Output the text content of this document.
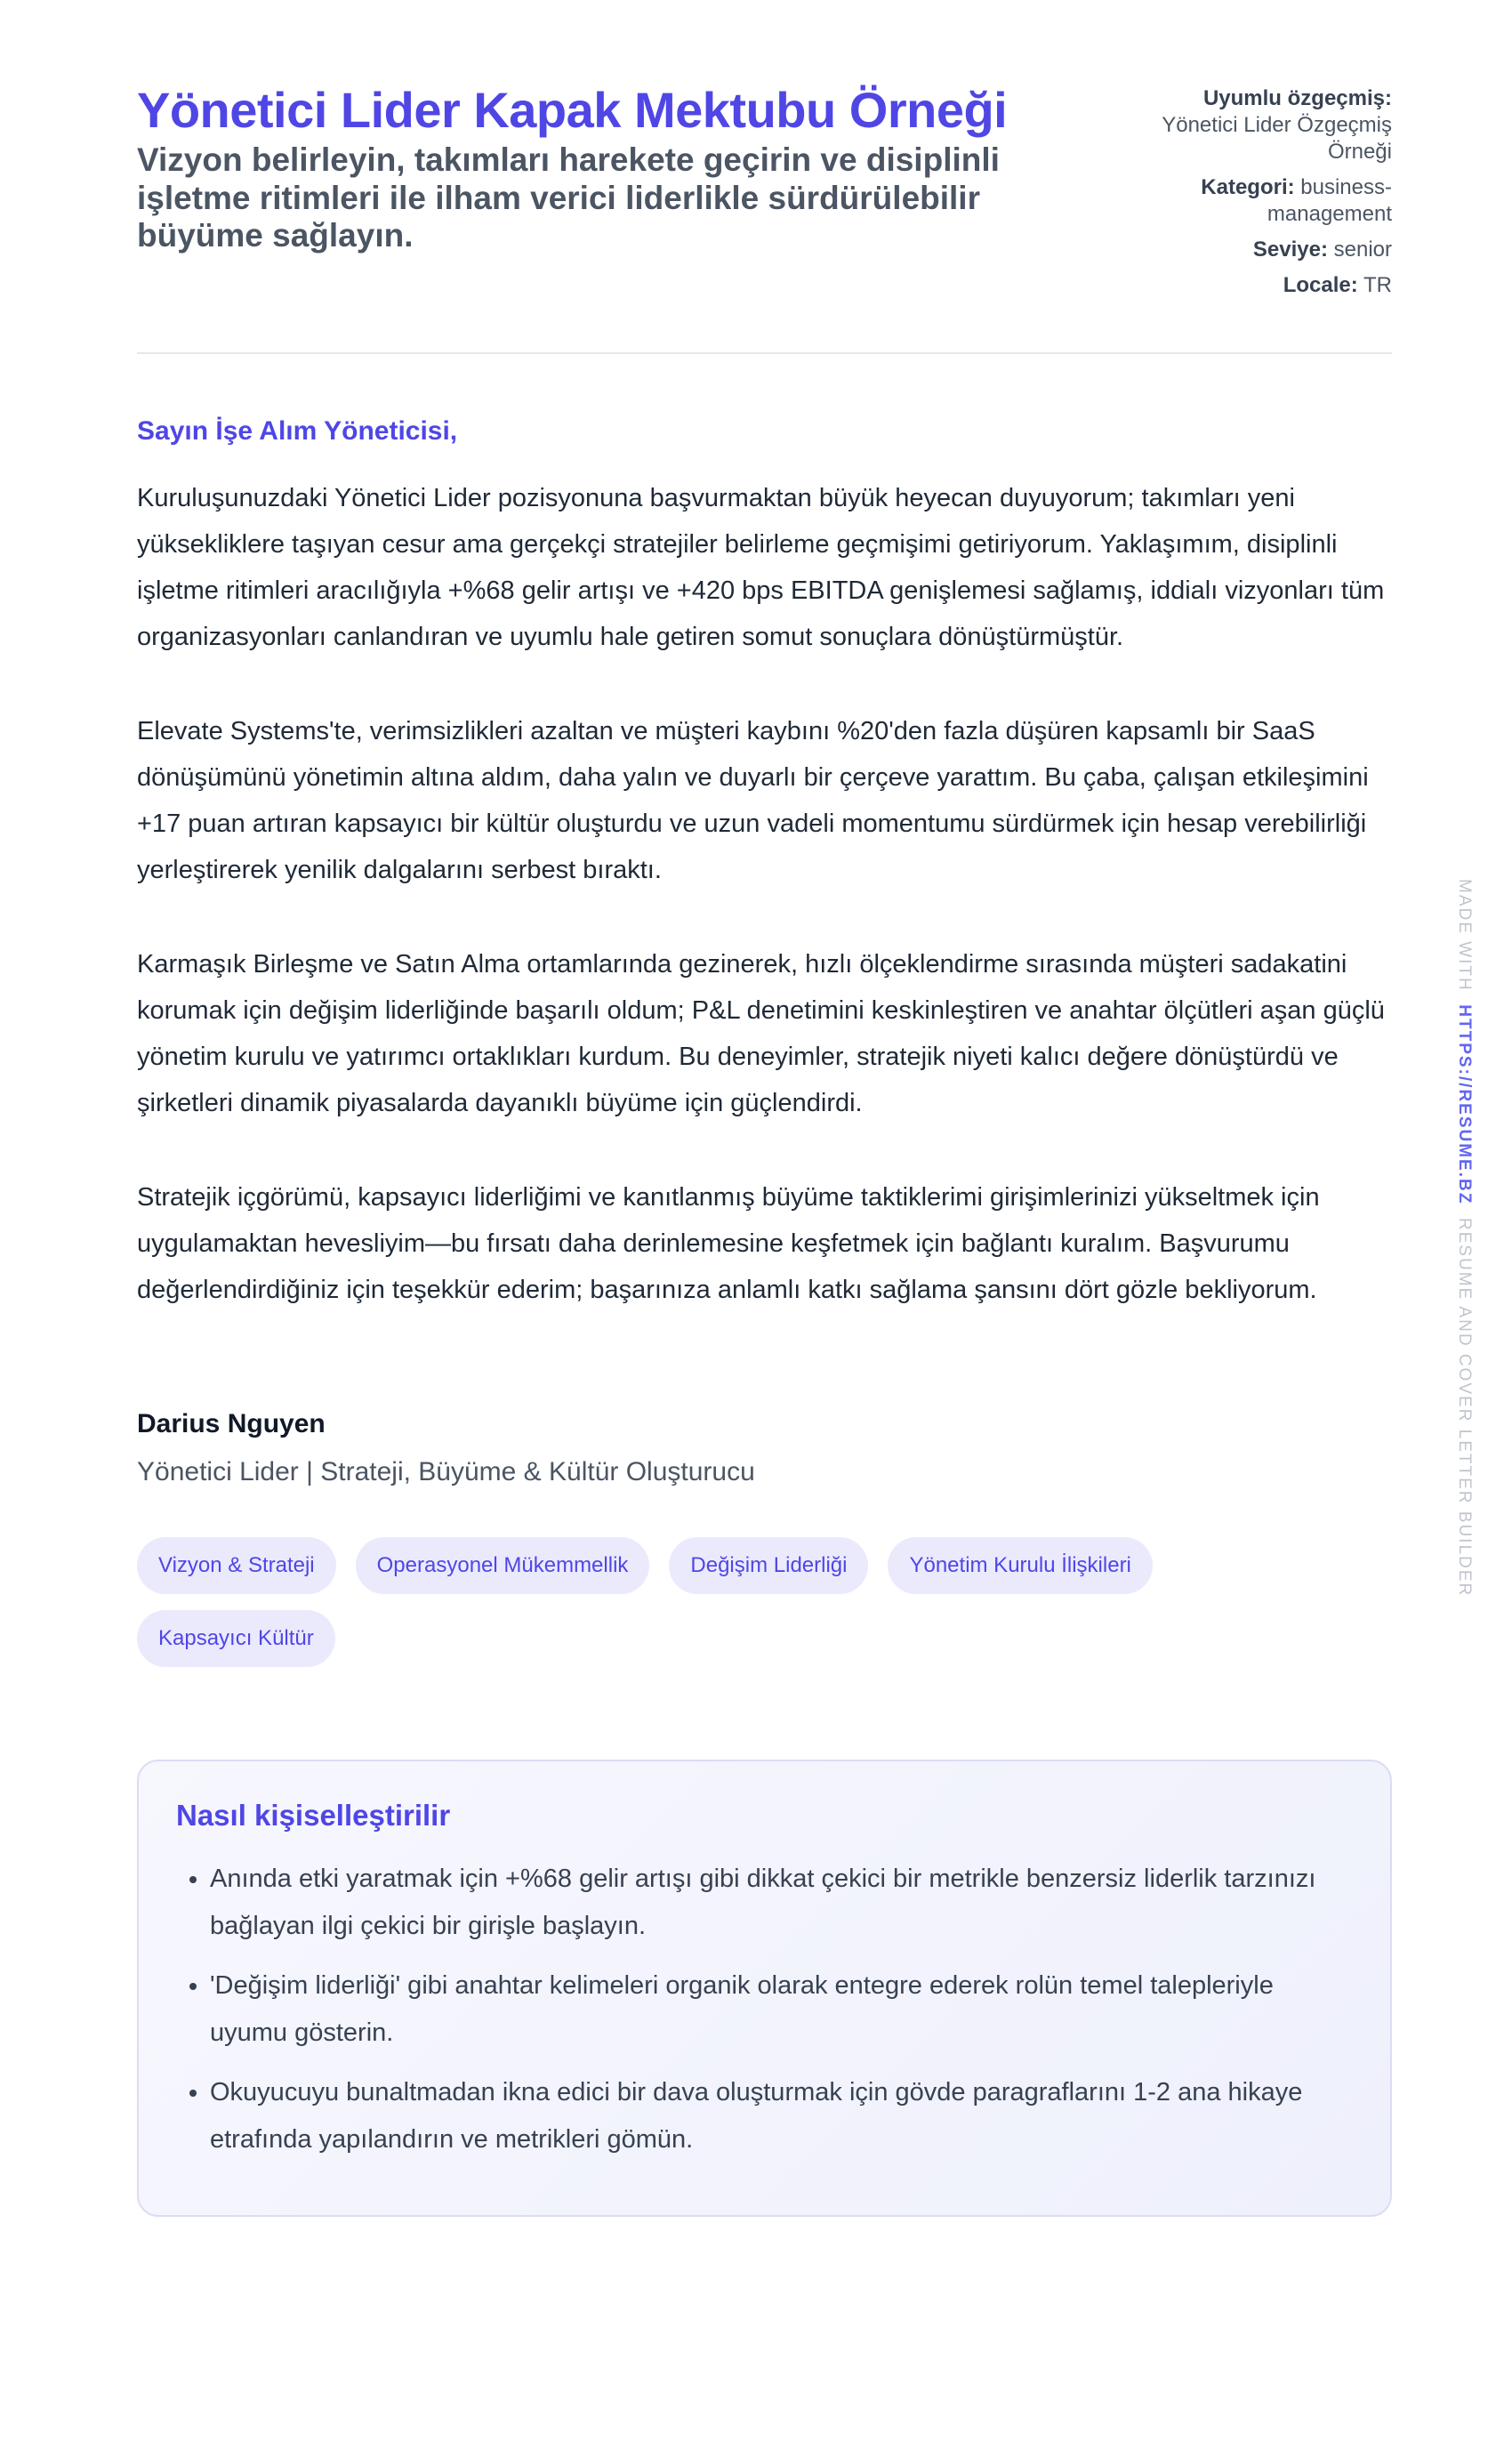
Yönetici Lider Kapak Mektubu Örneği
Vizyon belirleyin, takımları harekete geçirin ve disiplinli işletme ritimleri ile ilham verici liderlikle sürdürülebilir büyüme sağlayın.
Uyumlu özgeçmiş:
Yönetici Lider Özgeçmiş Örneği
Kategori: business-management
Seviye: senior
Locale: TR
Sayın İşe Alım Yöneticisi,

Kuruluşunuzdaki Yönetici Lider pozisyonuna başvurmaktan büyük heyecan duyuyorum; takımları yeni yüksekliklere taşıyan cesur ama gerçekçi stratejiler belirleme geçmişimi getiriyorum. Yaklaşımım, disiplinli işletme ritimleri aracılığıyla +%68 gelir artışı ve +420 bps EBITDA genişlemesi sağlamış, iddialı vizyonları tüm organizasyonları canlandıran ve uyumlu hale getiren somut sonuçlara dönüştürmüştür.

Elevate Systems'te, verimsizlikleri azaltan ve müşteri kaybını %20'den fazla düşüren kapsamlı bir SaaS dönüşümünü yönetimin altına aldım, daha yalın ve duyarlı bir çerçeve yarattım. Bu çaba, çalışan etkileşimini +17 puan artıran kapsayıcı bir kültür oluşturdu ve uzun vadeli momentumu sürdürmek için hesap verebilirliği yerleştirerek yenilik dalgalarını serbest bıraktı.

Karmaşık Birleşme ve Satın Alma ortamlarında gezinerek, hızlı ölçeklendirme sırasında müşteri sadakatini korumak için değişim liderliğinde başarılı oldum; P&L denetimini keskinleştiren ve anahtar ölçütleri aşan güçlü yönetim kurulu ve yatırımcı ortaklıkları kurdum. Bu deneyimler, stratejik niyeti kalıcı değere dönüştürdü ve şirketleri dinamik piyasalarda dayanıklı büyüme için güçlendirdi.

Stratejik içgörümü, kapsayıcı liderliğimi ve kanıtlanmış büyüme taktiklerimi girişimlerinizi yükseltmek için uygulamaktan hevesliyim—bu fırsatı daha derinlemesine keşfetmek için bağlantı kuralım. Başvurumu değerlendirdiğiniz için teşekkür ederim; başarınıza anlamlı katkı sağlama şansını dört gözle bekliyorum.

Darius Nguyen
Yönetici Lider | Strateji, Büyüme & Kültür Oluşturucu
Vizyon & Strateji	Operasyonel Mükemmellik	Değişim Liderliği	Yönetim Kurulu İlişkileri
Kapsayıcı Kültür
Nasıl kişiselleştirilir
• Anında etki yaratmak için +%68 gelir artışı gibi dikkat çekici bir metrikle benzersiz liderlik tarzınızı bağlayan ilgi çekici bir girişle başlayın.
• 'Değişim liderliği' gibi anahtar kelimeleri organik olarak entegre ederek rolün temel talepleriyle uyumu gösterin.
• Okuyucuyu bunaltmadan ikna edici bir dava oluşturmak için gövde paragraflarını 1-2 ana hikaye etrafında yapılandırın ve metrikleri gömün.
MADE WITH  HTTPS://RESUME.BZ  RESUME AND COVER LETTER BUILDER
